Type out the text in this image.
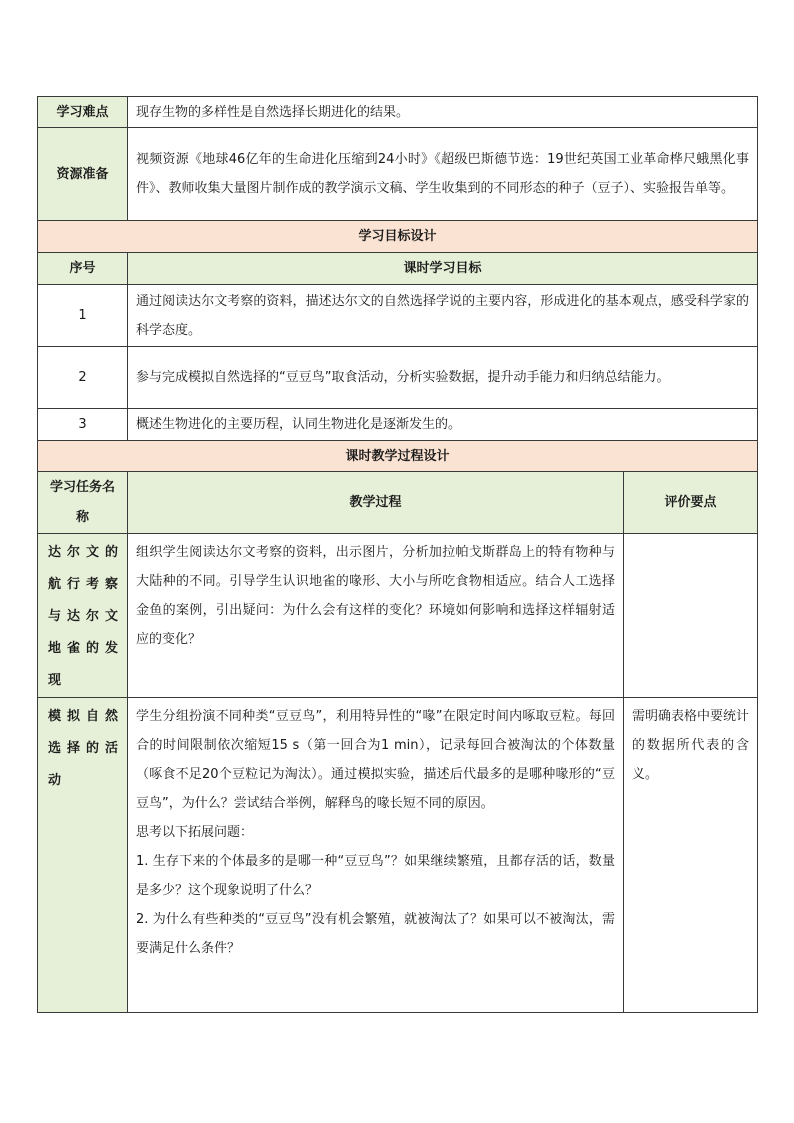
学习难点	现存生物的多样性是自然选择长期进化的结果。	
资源准备	视频资源《地球46亿年的生命进化压缩到24小时》《超级巴斯德节选：19世纪英国工业革命桦尺蛾黑化事件》、教师收集大量图片制作成的教学演示文稿、学生收集到的不同形态的种子（豆子）、实验报告单等。	
学习目标设计		
序号	课时学习目标	
1	通过阅读达尔文考察的资料，描述达尔文的自然选择学说的主要内容，形成进化的基本观点，感受科学家的科学态度。	
2	参与完成模拟自然选择的“豆豆鸟”取食活动，分析实验数据，提升动手能力和归纳总结能力。	
3	概述生物进化的主要历程，认同生物进化是逐渐发生的。	
课时教学过程设计		
学习任务名称	教学过程	评价要点
达尔文的航行考察与达尔文地雀的发现	组织学生阅读达尔文考察的资料，出示图片，分析加拉帕戈斯群岛上的特有物种与大陆种的不同。引导学生认识地雀的喙形、大小与所吃食物相适应。结合人工选择金鱼的案例，引出疑问：为什么会有这样的变化？环境如何影响和选择这样辐射适应的变化？	

模拟自然选择的活动	学生分组扮演不同种类“豆豆鸟”，利用特异性的“喙”在限定时间内啄取豆粒。每回合的时间限制依次缩短15 s（第一回合为1 min），记录每回合被淘汰的个体数量（啄食不足20个豆粒记为淘汰）。通过模拟实验，描述后代最多的是哪种喙形的“豆豆鸟”，为什么？尝试结合举例，解释鸟的喙长短不同的原因。

思考以下拓展问题：

1. 生存下来的个体最多的是哪一种“豆豆鸟”？如果继续繁殖，且都存活的话，数量是多少？这个现象说明了什么？

2. 为什么有些种类的“豆豆鸟”没有机会繁殖，就被淘汰了？如果可以不被淘汰，需要满足什么条件？	需明确表格中要统计的数据所代表的含义。
